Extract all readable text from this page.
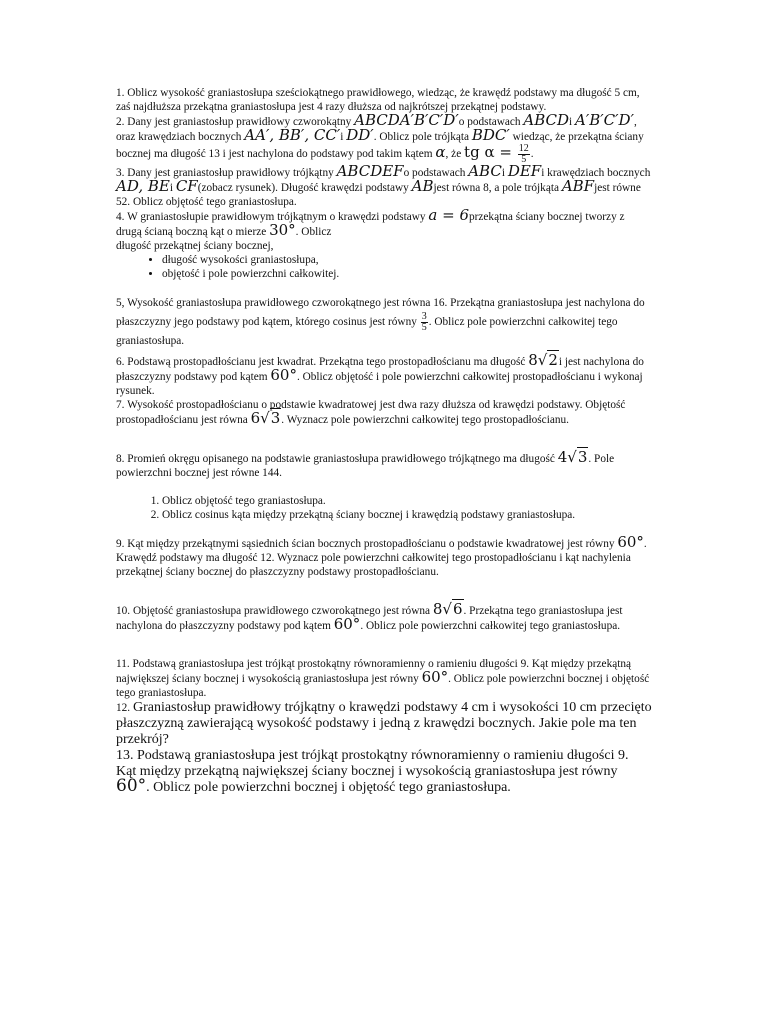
1. Oblicz wysokość graniastosłupa sześciokątnego prawidłowego, wiedząc, że krawędź podstawy ma długość 5 cm, zaś najdłuższa przekątna graniastosłupa jest 4 razy dłuższa od najkrótszej przekątnej podstawy.

2. Dany jest graniastosłup prawidłowy czworokątny ABCDA′B′C′D′o podstawach ABCDi A′B′C′D′, oraz krawędziach bocznych AA′, BB′, CC′i DD′. Oblicz pole trójkąta BDC′ wiedząc, że przekątna ściany bocznej ma długość 13 i jest nachylona do podstawy pod takim kątem α, że tg $\alpha = \frac{12}{5}$ .

3. Dany jest graniastosłup prawidłowy trójkątny ABCDEFo podstawach ABCi DEFi krawędziach bocznych AD, BEi CF(zobacz rysunek). Długość krawędzi podstawy ABjest równa 8, a pole trójkąta ABFjest równe 52. Oblicz objętość tego graniastosłupa.

4. W graniastosłupie prawidłowym trójkątnym o krawędzi podstawy a = 6przekątna ściany bocznej tworzy z drugą ścianą boczną kąt o mierze 30°. Oblicz
długość przekątnej ściany bocznej,

• długość wysokości graniastosłupa,
• objętość i pole powierzchni całkowitej.

5, Wysokość graniastosłupa prawidłowego czworokątnego jest równa 16. Przekątna graniastosłupa jest nachylona do płaszczyzny jego podstawy pod kątem, którego cosinus jest równy $\frac{3}{5}$ . Oblicz pole powierzchni całkowitej tego graniastosłupa.

6. Podstawą prostopadłościanu jest kwadrat. Przekątna tego prostopadłościanu ma długość 8√2i jest nachylona do płaszczyzny podstawy pod kątem 60°. Oblicz objętość i pole powierzchni całkowitej prostopadłościanu i wykonaj rysunek.

7. Wysokość prostopadłościanu o podstawie kwadratowej jest dwa razy dłuższa od krawędzi podstawy. Objętość prostopadłościanu jest równa 6√3. Wyznacz pole powierzchni całkowitej tego prostopadłościanu.

8. Promień okręgu opisanego na podstawie graniastosłupa prawidłowego trójkątnego ma długość 4√3. Pole powierzchni bocznej jest równe 144.

1. Oblicz objętość tego graniastosłupa.
2. Oblicz cosinus kąta między przekątną ściany bocznej i krawędzią podstawy graniastosłupa.

9. Kąt między przekątnymi sąsiednich ścian bocznych prostopadłościanu o podstawie kwadratowej jest równy 60°. Krawędź podstawy ma długość 12. Wyznacz pole powierzchni całkowitej tego prostopadłościanu i kąt nachylenia przekątnej ściany bocznej do płaszczyzny podstawy prostopadłościanu.

10. Objętość graniastosłupa prawidłowego czworokątnego jest równa 8√6. Przekątna tego graniastosłupa jest nachylona do płaszczyzny podstawy pod kątem 60°. Oblicz pole powierzchni całkowitej tego graniastosłupa.

11. Podstawą graniastosłupa jest trójkąt prostokątny równoramienny o ramieniu długości 9. Kąt między przekątną największej ściany bocznej i wysokością graniastosłupa jest równy 60°. Oblicz pole powierzchni bocznej i objętość tego graniastosłupa.

12. Graniastosłup prawidłowy trójkątny o krawędzi podstawy 4 cm i wysokości 10 cm przecięto płaszczyzną zawierającą wysokość podstawy i jedną z krawędzi bocznych. Jakie pole ma ten przekrój?

13. Podstawą graniastosłupa jest trójkąt prostokątny równoramienny o ramieniu długości 9. Kąt między przekątną największej ściany bocznej i wysokością graniastosłupa jest równy 60°. Oblicz pole powierzchni bocznej i objętość tego graniastosłupa.
